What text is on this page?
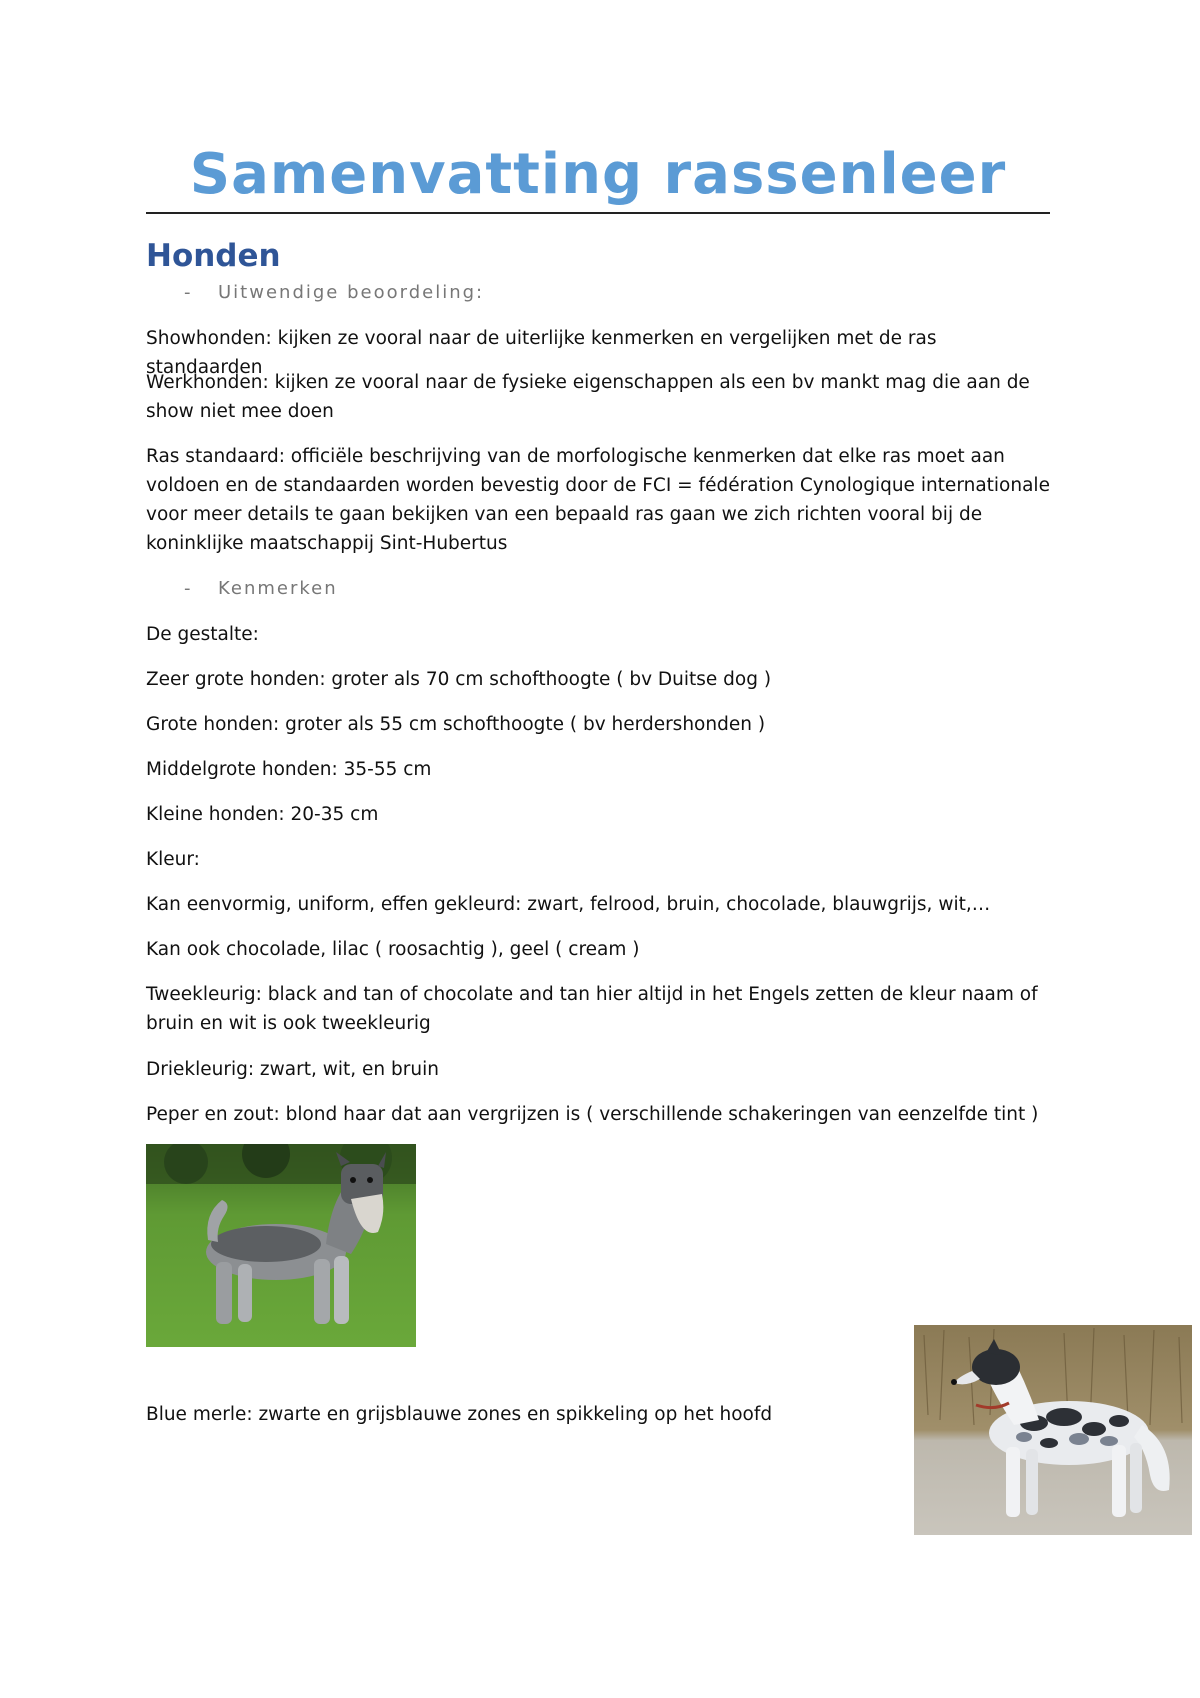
Samenvatting rassenleer
Honden

- Uitwendige beoordeling:

Showhonden: kijken ze vooral naar de uiterlijke kenmerken en vergelijken met de ras standaarden

Werkhonden: kijken ze vooral naar de fysieke eigenschappen als een bv mankt mag die aan de show niet mee doen

Ras standaard: officiële beschrijving van de morfologische kenmerken dat elke ras moet aan voldoen en de standaarden worden bevestig door de FCI = fédération Cynologique internationale voor meer details te gaan bekijken van een bepaald ras gaan we zich richten vooral bij de koninklijke maatschappij Sint-Hubertus

- Kenmerken

De gestalte:

Zeer grote honden: groter als 70 cm schofthoogte ( bv Duitse dog )

Grote honden: groter als 55 cm schofthoogte ( bv herdershonden )

Middelgrote honden: 35-55 cm

Kleine honden: 20-35 cm

Kleur:

Kan eenvormig, uniform, effen gekleurd: zwart, felrood, bruin, chocolade, blauwgrijs, wit,…

Kan ook chocolade, lilac ( roosachtig ), geel ( cream )

Tweekleurig: black and tan of chocolate and tan hier altijd in het Engels zetten de kleur naam of bruin en wit is ook tweekleurig

Driekleurig: zwart, wit, en bruin

Peper en zout: blond haar dat aan vergrijzen is ( verschillende schakeringen van eenzelfde tint )

Blue merle: zwarte en grijsblauwe zones en spikkeling op het hoofd
